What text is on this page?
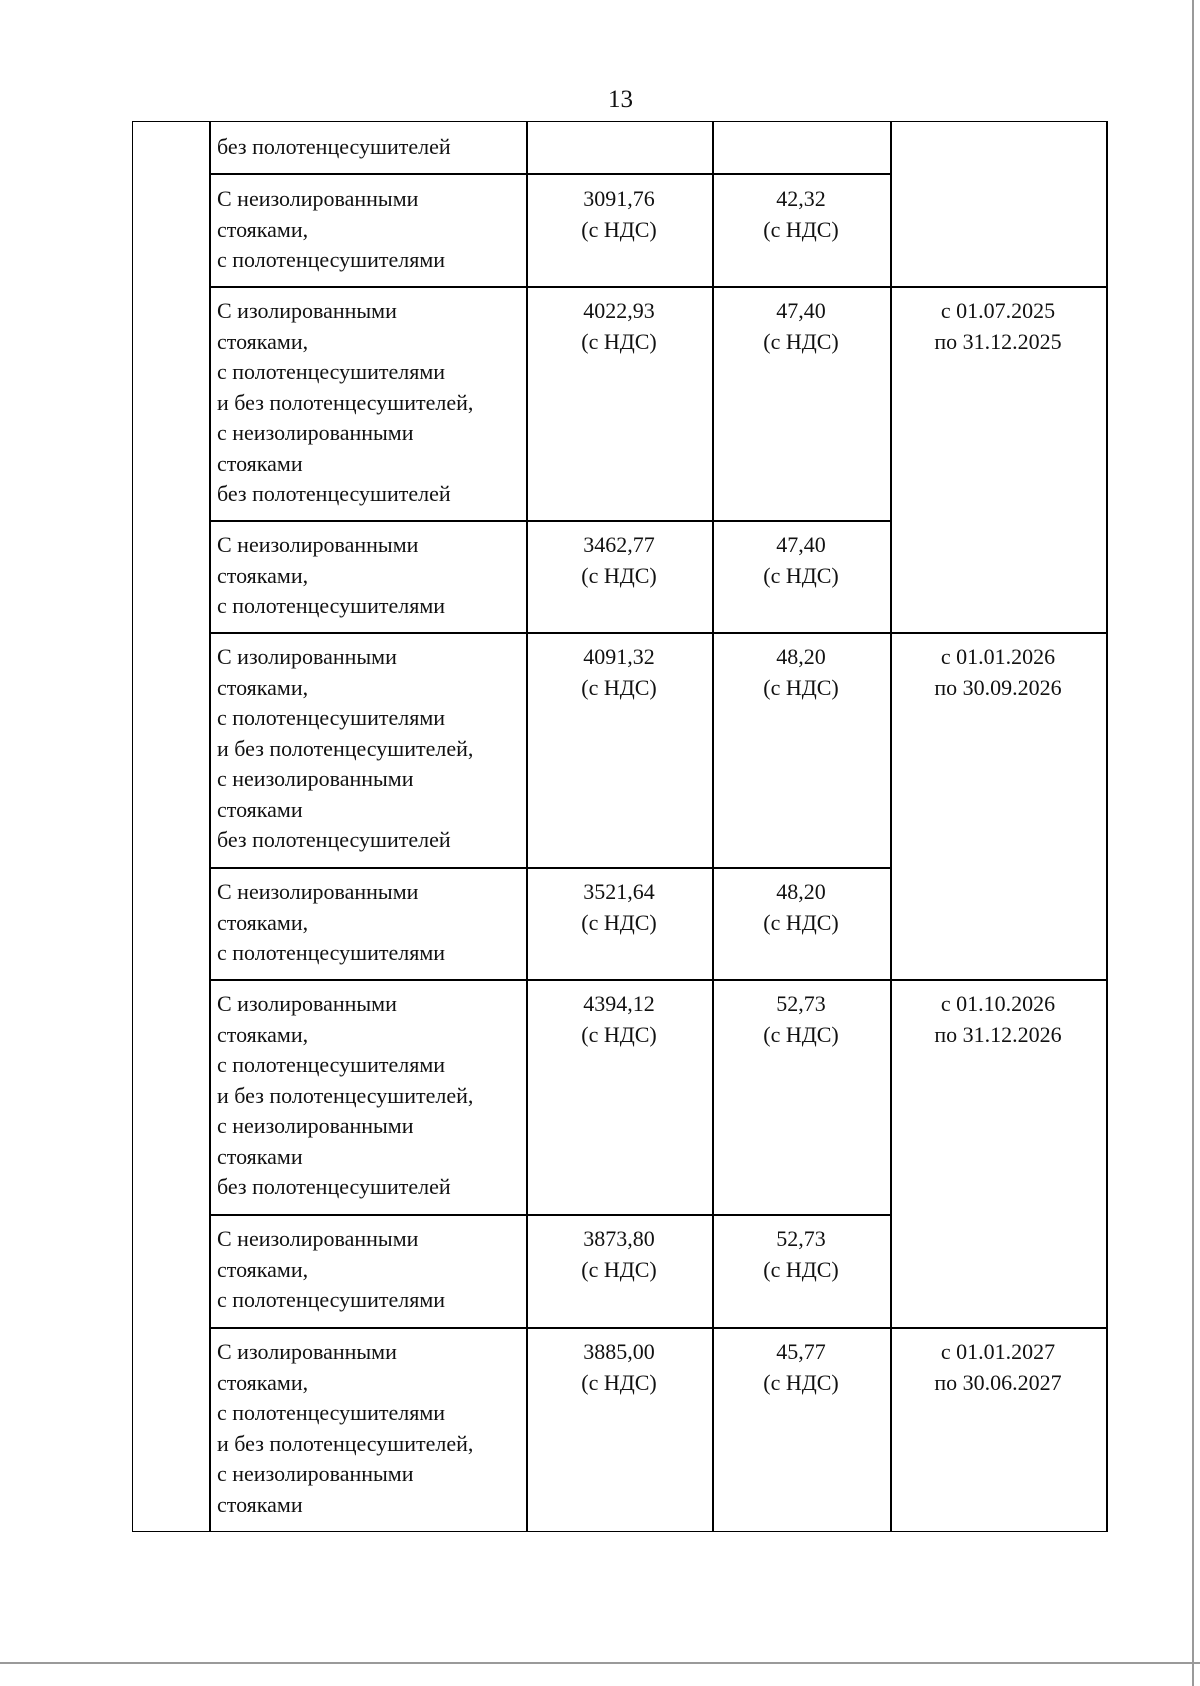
13
без полотенцесушителей
С неизолированными
стояками,
с полотенцесушителями
3091,76
(с НДС)
42,32
(с НДС)
С изолированными
стояками,
с полотенцесушителями
и без полотенцесушителей,
с неизолированными
стояками
без полотенцесушителей
4022,93
(с НДС)
47,40
(с НДС)
с 01.07.2025
по 31.12.2025
С неизолированными
стояками,
с полотенцесушителями
3462,77
(с НДС)
47,40
(с НДС)
С изолированными
стояками,
с полотенцесушителями
и без полотенцесушителей,
с неизолированными
стояками
без полотенцесушителей
4091,32
(с НДС)
48,20
(с НДС)
с 01.01.2026
по 30.09.2026
С неизолированными
стояками,
с полотенцесушителями
3521,64
(с НДС)
48,20
(с НДС)
С изолированными
стояками,
с полотенцесушителями
и без полотенцесушителей,
с неизолированными
стояками
без полотенцесушителей
4394,12
(с НДС)
52,73
(с НДС)
с 01.10.2026
по 31.12.2026
С неизолированными
стояками,
с полотенцесушителями
3873,80
(с НДС)
52,73
(с НДС)
С изолированными
стояками,
с полотенцесушителями
и без полотенцесушителей,
с неизолированными
стояками
3885,00
(с НДС)
45,77
(с НДС)
с 01.01.2027
по 30.06.2027
